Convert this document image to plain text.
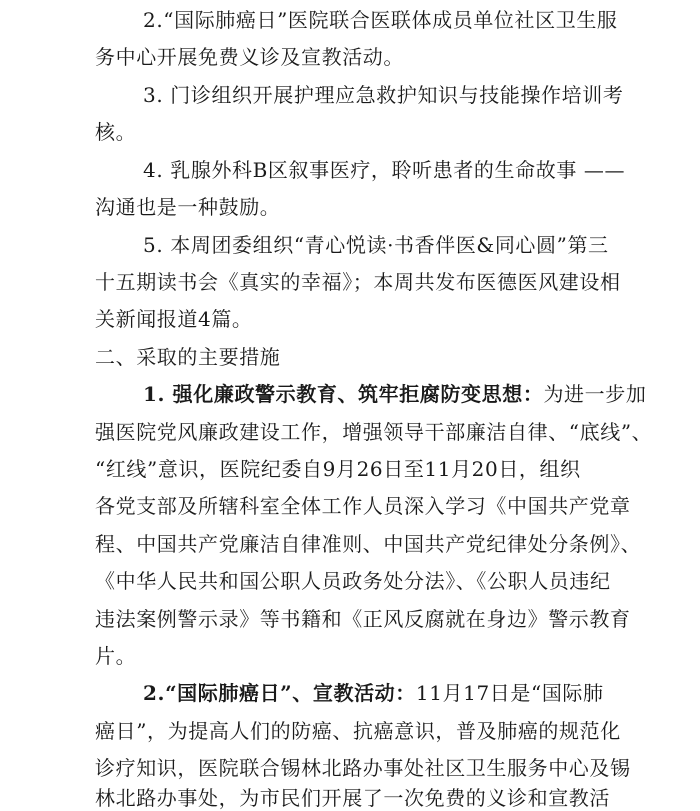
2.“国际肺癌日”医院联合医联体成员单位社区卫生服
务中心开展免费义诊及宣教活动。
3. 门诊组织开展护理应急救护知识与技能操作培训考
核。
4. 乳腺外科B区叙事医疗，聆听患者的生命故事 ——
沟通也是一种鼓励。
5. 本周团委组织“青心悦读·书香伴医&同心圆”第三
十五期读书会《真实的幸福》；本周共发布医德医风建设相
关新闻报道4篇。
二、采取的主要措施
1. 强化廉政警示教育、筑牢拒腐防变思想：为进一步加
强医院党风廉政建设工作，增强领导干部廉洁自律、“底线”、
“红线”意识，医院纪委自9月26日至11月20日，组织
各党支部及所辖科室全体工作人员深入学习《中国共产党章
程、中国共产党廉洁自律准则、中国共产党纪律处分条例》、
《中华人民共和国公职人员政务处分法》、《公职人员违纪
违法案例警示录》等书籍和《正风反腐就在身边》警示教育
片。
2.“国际肺癌日”、宣教活动：11月17日是“国际肺
癌日”，为提高人们的防癌、抗癌意识，普及肺癌的规范化
诊疗知识，医院联合锡林北路办事处社区卫生服务中心及锡
林北路办事处，为市民们开展了一次免费的义诊和宣教活
